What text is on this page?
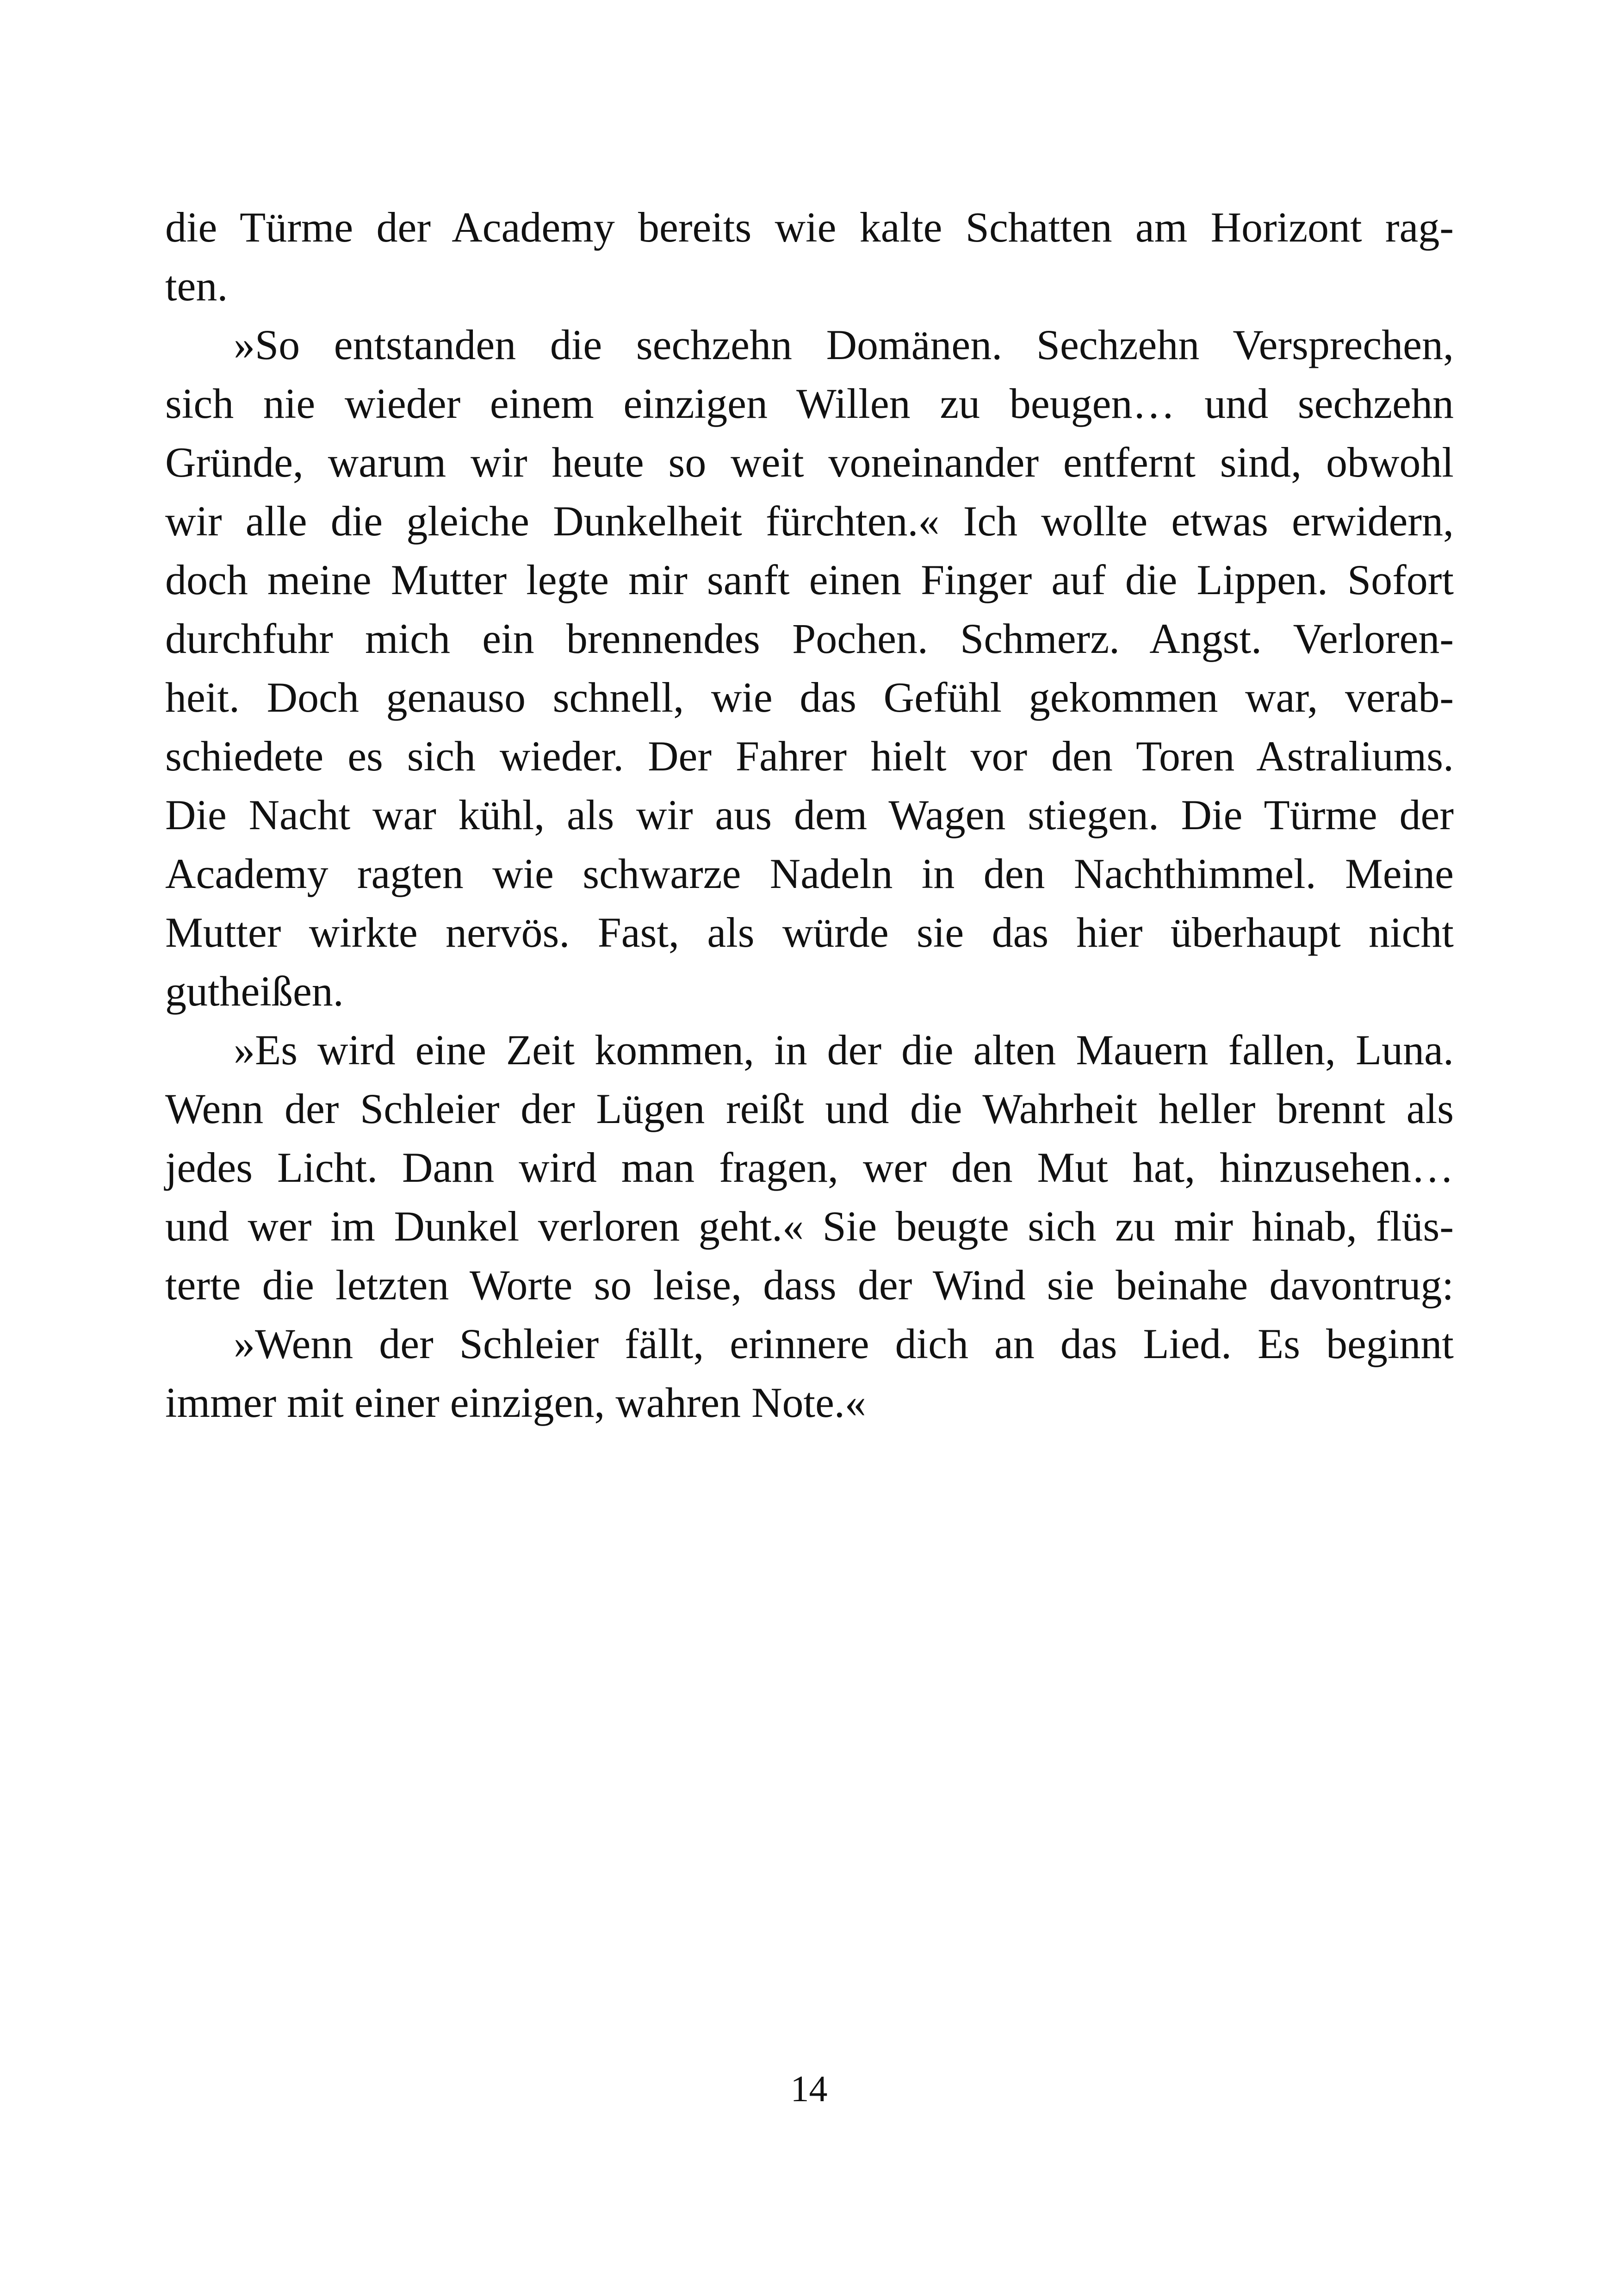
die Türme der Academy bereits wie kalte Schatten am Horizont rag-
ten.
»So entstanden die sechzehn Domänen. Sechzehn Versprechen,
sich nie wieder einem einzigen Willen zu beugen… und sechzehn
Gründe, warum wir heute so weit voneinander entfernt sind, obwohl
wir alle die gleiche Dunkelheit fürchten.« Ich wollte etwas erwidern,
doch meine Mutter legte mir sanft einen Finger auf die Lippen. Sofort
durchfuhr mich ein brennendes Pochen. Schmerz. Angst. Verloren-
heit. Doch genauso schnell, wie das Gefühl gekommen war, verab-
schiedete es sich wieder. Der Fahrer hielt vor den Toren Astraliums.
Die Nacht war kühl, als wir aus dem Wagen stiegen. Die Türme der
Academy ragten wie schwarze Nadeln in den Nachthimmel. Meine
Mutter wirkte nervös. Fast, als würde sie das hier überhaupt nicht
gutheißen.
»Es wird eine Zeit kommen, in der die alten Mauern fallen, Luna.
Wenn der Schleier der Lügen reißt und die Wahrheit heller brennt als
jedes Licht. Dann wird man fragen, wer den Mut hat, hinzusehen…
und wer im Dunkel verloren geht.« Sie beugte sich zu mir hinab, flüs-
terte die letzten Worte so leise, dass der Wind sie beinahe davontrug:
»Wenn der Schleier fällt, erinnere dich an das Lied. Es beginnt
immer mit einer einzigen, wahren Note.«
14
